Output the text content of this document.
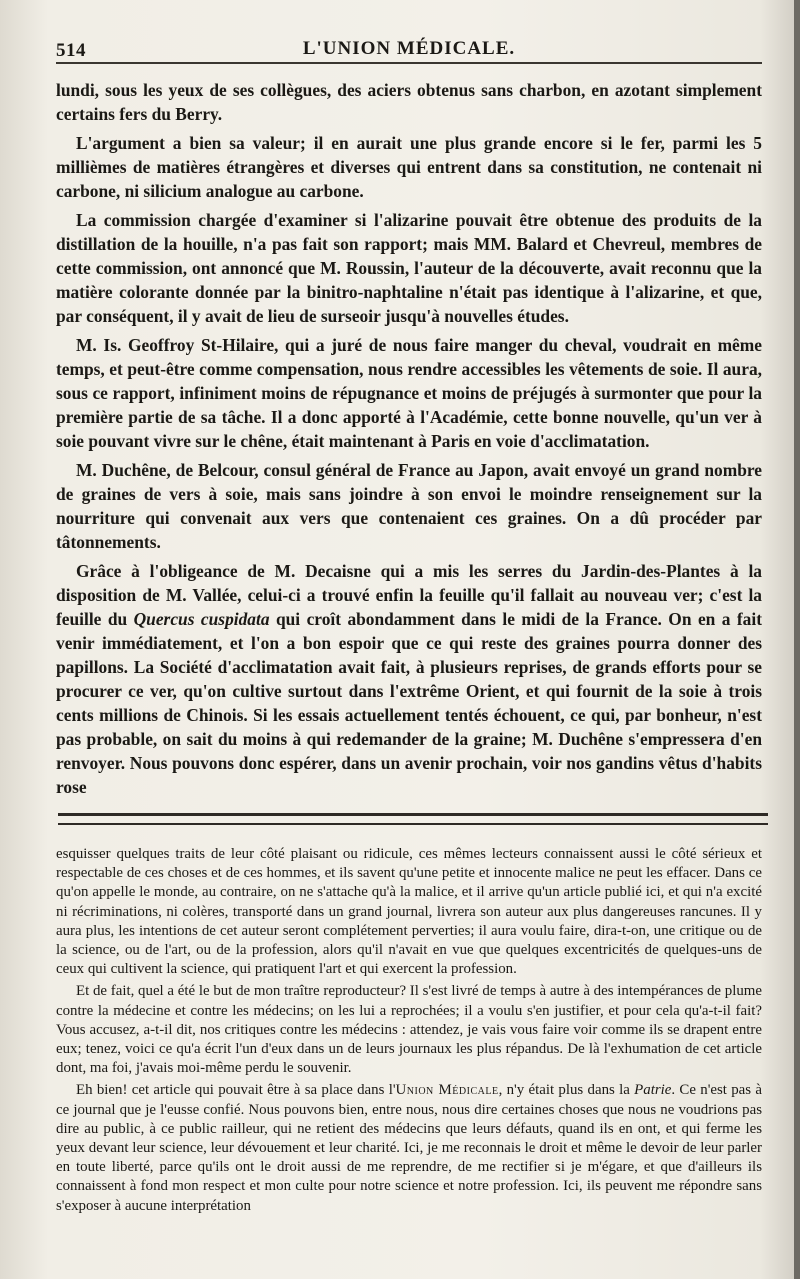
514	L'UNION MÉDICALE.

lundi, sous les yeux de ses collègues, des aciers obtenus sans charbon, en azotant simplement certains fers du Berry.

L'argument a bien sa valeur; il en aurait une plus grande encore si le fer, parmi les 5 millièmes de matières étrangères et diverses qui entrent dans sa constitution, ne contenait ni carbone, ni silicium analogue au carbone.

La commission chargée d'examiner si l'alizarine pouvait être obtenue des produits de la distillation de la houille, n'a pas fait son rapport; mais MM. Balard et Chevreul, membres de cette commission, ont annoncé que M. Roussin, l'auteur de la découverte, avait reconnu que la matière colorante donnée par la binitro-naphtaline n'était pas identique à l'alizarine, et que, par conséquent, il y avait de lieu de surseoir jusqu'à nouvelles études.

M. Is. Geoffroy St-Hilaire, qui a juré de nous faire manger du cheval, voudrait en même temps, et peut-être comme compensation, nous rendre accessibles les vêtements de soie. Il aura, sous ce rapport, infiniment moins de répugnance et moins de préjugés à surmonter que pour la première partie de sa tâche. Il a donc apporté à l'Académie, cette bonne nouvelle, qu'un ver à soie pouvant vivre sur le chêne, était maintenant à Paris en voie d'acclimatation.

M. Duchêne, de Belcour, consul général de France au Japon, avait envoyé un grand nombre de graines de vers à soie, mais sans joindre à son envoi le moindre renseignement sur la nourriture qui convenait aux vers que contenaient ces graines. On a dû procéder par tâtonnements.

Grâce à l'obligeance de M. Decaisne qui a mis les serres du Jardin-des-Plantes à la disposition de M. Vallée, celui-ci a trouvé enfin la feuille qu'il fallait au nouveau ver; c'est la feuille du Quercus cuspidata qui croît abondamment dans le midi de la France. On en a fait venir immédiatement, et l'on a bon espoir que ce qui reste des graines pourra donner des papillons. La Société d'acclimatation avait fait, à plusieurs reprises, de grands efforts pour se procurer ce ver, qu'on cultive surtout dans l'extrême Orient, et qui fournit de la soie à trois cents millions de Chinois. Si les essais actuellement tentés échouent, ce qui, par bonheur, n'est pas probable, on sait du moins à qui redemander de la graine; M. Duchêne s'empressera d'en renvoyer. Nous pouvons donc espérer, dans un avenir prochain, voir nos gandins vêtus d'habits rose

esquisser quelques traits de leur côté plaisant ou ridicule, ces mêmes lecteurs connaissent aussi le côté sérieux et respectable de ces choses et de ces hommes, et ils savent qu'une petite et innocente malice ne peut les effacer. Dans ce qu'on appelle le monde, au contraire, on ne s'attache qu'à la malice, et il arrive qu'un article publié ici, et qui n'a excité ni récriminations, ni colères, transporté dans un grand journal, livrera son auteur aux plus dangereuses rancunes. Il y aura plus, les intentions de cet auteur seront complétement perverties; il aura voulu faire, dira-t-on, une critique ou de la science, ou de l'art, ou de la profession, alors qu'il n'avait en vue que quelques excentricités de quelques-uns de ceux qui cultivent la science, qui pratiquent l'art et qui exercent la profession.

Et de fait, quel a été le but de mon traître reproducteur? Il s'est livré de temps à autre à des intempérances de plume contre la médecine et contre les médecins; on les lui a reprochées; il a voulu s'en justifier, et pour cela qu'a-t-il fait? Vous accusez, a-t-il dit, nos critiques contre les médecins : attendez, je vais vous faire voir comme ils se drapent entre eux; tenez, voici ce qu'a écrit l'un d'eux dans un de leurs journaux les plus répandus. De là l'exhumation de cet article dont, ma foi, j'avais moi-même perdu le souvenir.

Eh bien! cet article qui pouvait être à sa place dans l'Union Médicale, n'y était plus dans la Patrie. Ce n'est pas à ce journal que je l'eusse confié. Nous pouvons bien, entre nous, nous dire certaines choses que nous ne voudrions pas dire au public, à ce public railleur, qui ne retient des médecins que leurs défauts, quand ils en ont, et qui ferme les yeux devant leur science, leur dévouement et leur charité. Ici, je me reconnais le droit et même le devoir de leur parler en toute liberté, parce qu'ils ont le droit aussi de me reprendre, de me rectifier si je m'égare, et que d'ailleurs ils connaissent à fond mon respect et mon culte pour notre science et notre profession. Ici, ils peuvent me répondre sans s'exposer à aucune interprétation
